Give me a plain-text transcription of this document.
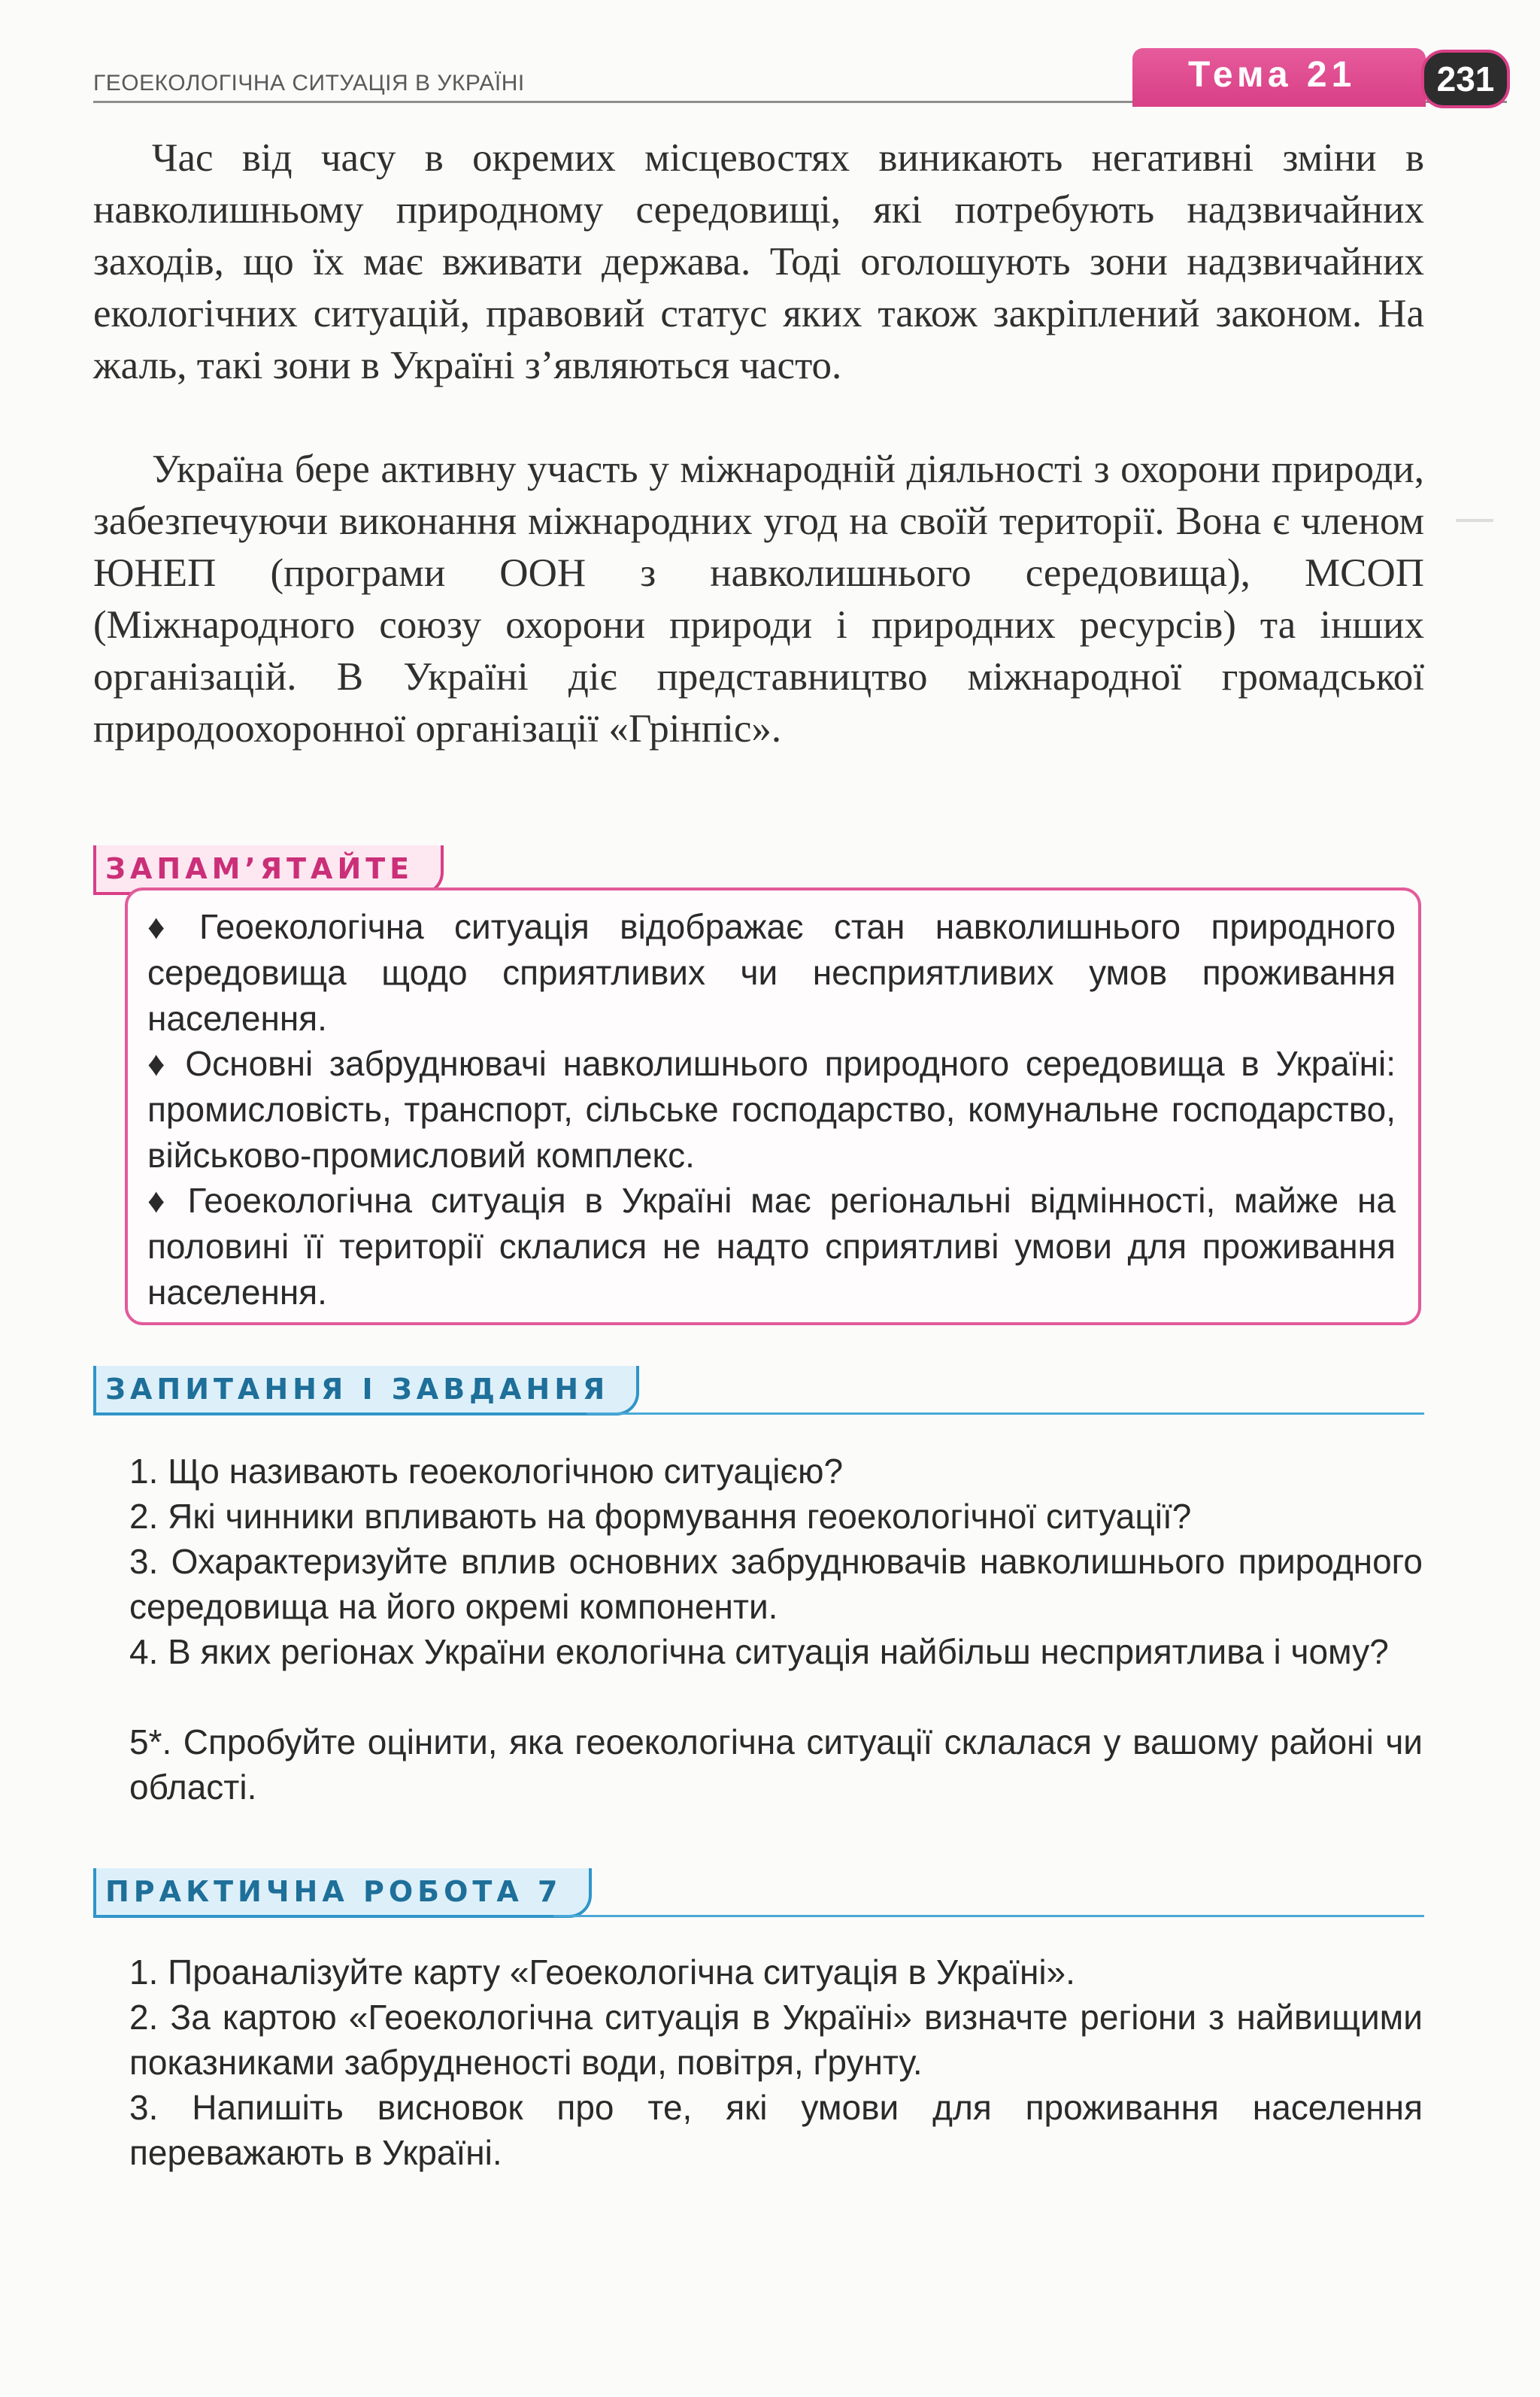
ГЕОЕКОЛОГІЧНА СИТУАЦІЯ В УКРАЇНІ	Тема 21	231
Час від часу в окремих місцевостях виникають негативні зміни в навколишньому природному середовищі, які потребують надзвичайних заходів, що їх має вживати держава. Тоді оголошують зони надзвичайних екологічних ситуацій, правовий статус яких також закріплений законом. На жаль, такі зони в Україні з’являються часто.
Україна бере активну участь у міжнародній діяльності з охорони природи, забезпечуючи виконання міжнародних угод на своїй території. Вона є членом ЮНЕП (програми ООН з навколишнього середовища), МСОП (Міжнародного союзу охорони природи і природних ресурсів) та інших організацій. В Україні діє представництво міжнародної громадської природоохоронної організації «Грінпіс».
ЗАПАМ’ЯТАЙТЕ
♦ Геоекологічна ситуація відображає стан навколишнього природного середовища щодо сприятливих чи несприятливих умов проживання населення.
♦ Основні забруднювачі навколишнього природного середовища в Україні: промисловість, транспорт, сільське господарство, комунальне господарство, військово-промисловий комплекс.
♦ Геоекологічна ситуація в Україні має регіональні відмінності, майже на половині її території склалися не надто сприятливі умови для проживання населення.
ЗАПИТАННЯ І ЗАВДАННЯ
1. Що називають геоекологічною ситуацією?
2. Які чинники впливають на формування геоекологічної ситуації?
3. Охарактеризуйте вплив основних забруднювачів навколишнього природного середовища на його окремі компоненти.
4. В яких регіонах України екологічна ситуація найбільш несприятлива і чому?
5*. Спробуйте оцінити, яка геоекологічна ситуації склалася у вашому районі чи області.
ПРАКТИЧНА РОБОТА 7
1. Проаналізуйте карту «Геоекологічна ситуація в Україні».
2. За картою «Геоекологічна ситуація в Україні» визначте регіони з найвищими показниками забрудненості води, повітря, ґрунту.
3. Напишіть висновок про те, які умови для проживання населення переважають в Україні.
